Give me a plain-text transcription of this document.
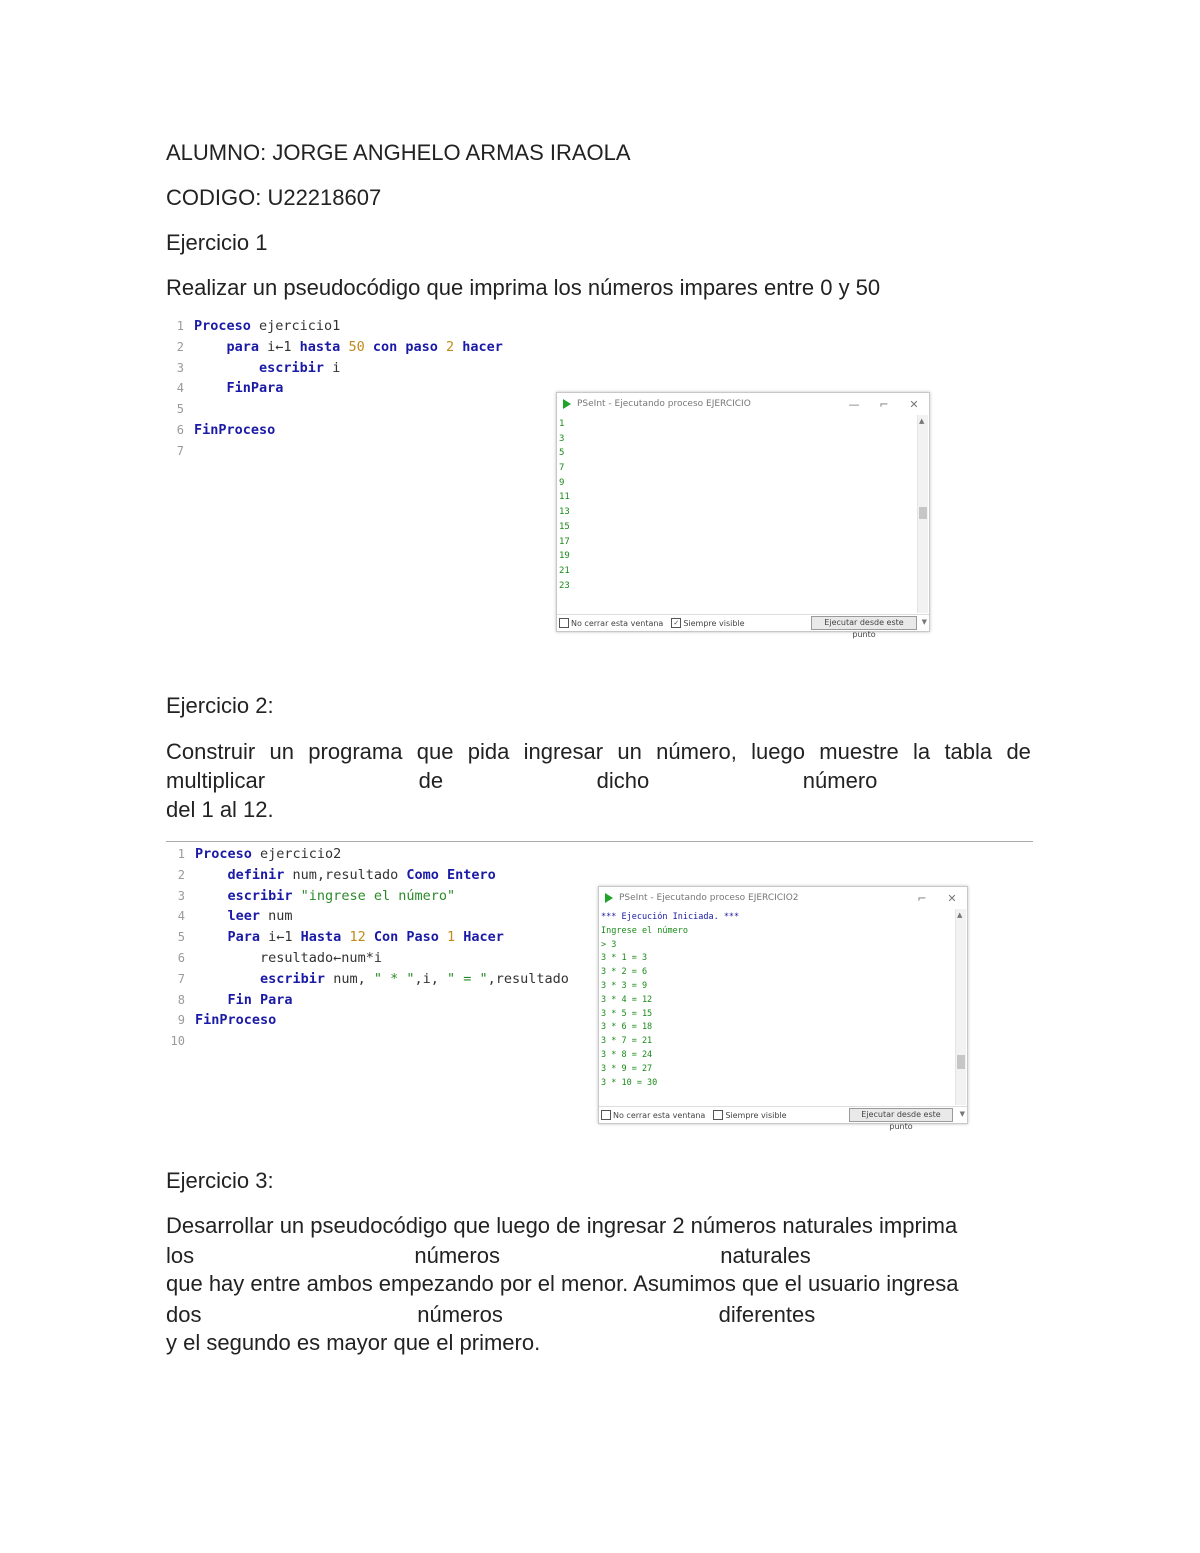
ALUMNO: JORGE ANGHELO ARMAS IRAOLA
CODIGO: U22218607
Ejercicio 1
Realizar un pseudocódigo que imprima los números impares entre 0 y 50
1 Proceso ejercicio1
2
	para i←1 hasta 50 con paso 2 hacer
3
	escribir i
4
	FinPara
5
6 FinProceso
7
PSeInt - Ejecutando proceso EJERCICIO	—	⌐	✕
1
3
5
7
9
11
13
15
17
19
21
23
▲
No cerrar esta ventana ✓ Siempre visible	Ejecutar desde este punto
▼
Ejercicio 2:
Construir un programa que pida ingresar un número, luego muestre la tabla de
multiplicar	de	dicho	número
del 1 al 12.
1 Proceso ejercicio2
2
	definir num,resultado Como Entero
3
	escribir "ingrese el número"
4
	leer num
5
	Para i←1 Hasta 12 Con Paso 1 Hacer
6
	resultado←num*i
7
	escribir num, " * " ,i, " = " ,resultado
8
	Fin Para
9 FinProceso
10
PSeInt - Ejecutando proceso EJERCICIO2	⌐	✕
*** Ejecución Iniciada. ***
Ingrese el número
> 3
3 * 1 = 3
3 * 2 = 6
3 * 3 = 9
3 * 4 = 12
3 * 5 = 15
3 * 6 = 18
3 * 7 = 21
3 * 8 = 24
3 * 9 = 27
3 * 10 = 30
▲
No cerrar esta ventana	Siempre visible	Ejecutar desde este punto
▼
Ejercicio 3:
Desarrollar un pseudocódigo que luego de ingresar 2 números naturales imprima
los	números	naturales
que hay entre ambos empezando por el menor. Asumimos que el usuario ingresa
dos	números	diferentes
y el segundo es mayor que el primero.
